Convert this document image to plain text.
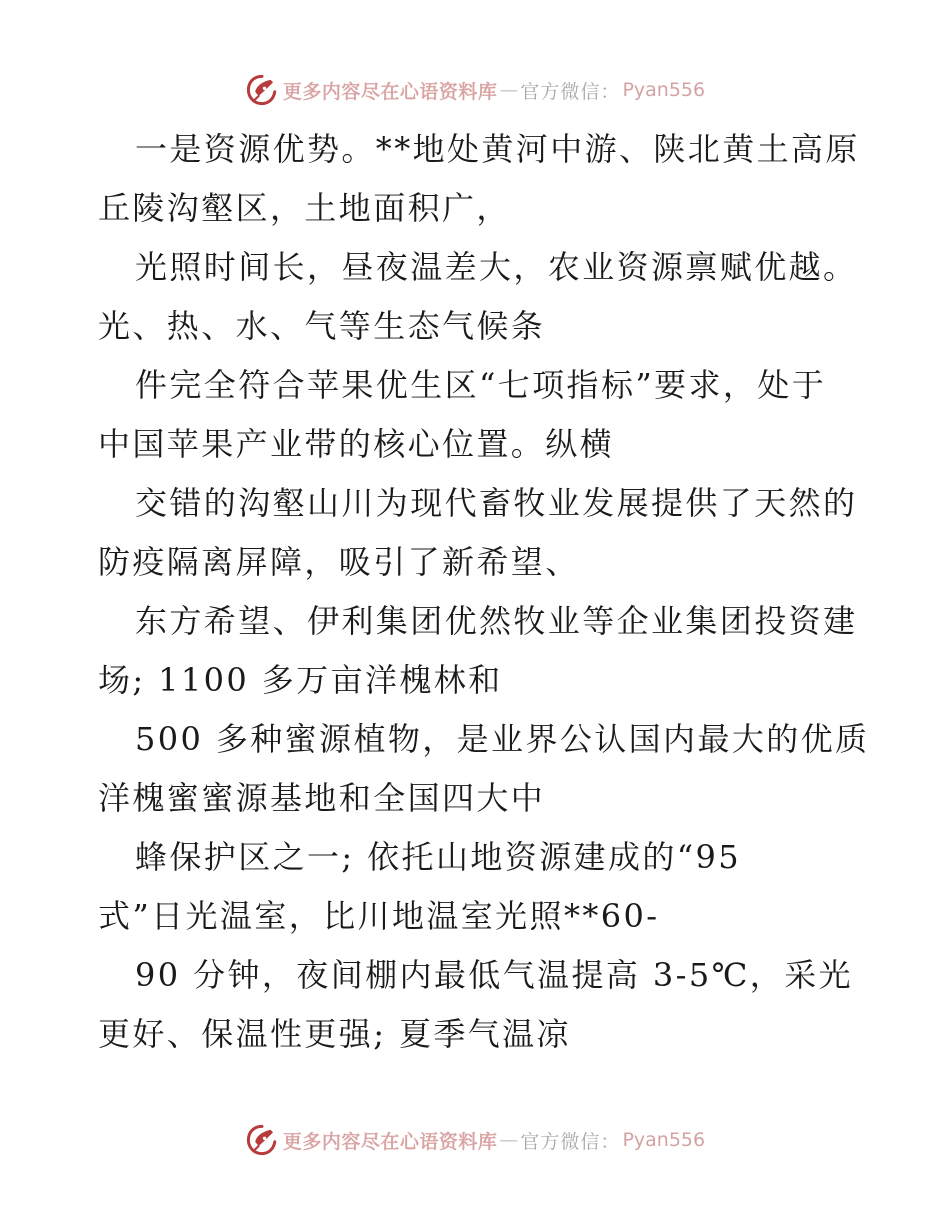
更多内容尽在心语资料库 — 官方微信： Pyan556
一是资源优势。**地处黄河中游、陕北黄土高原
丘陵沟壑区，土地面积广，
光照时间长，昼夜温差大，农业资源禀赋优越。
光、热、水、气等生态气候条
件完全符合苹果优生区“七项指标”要求，处于
中国苹果产业带的核心位置。纵横
交错的沟壑山川为现代畜牧业发展提供了天然的
防疫隔离屏障，吸引了新希望、
东方希望、伊利集团优然牧业等企业集团投资建
场; 1100 多万亩洋槐林和
500 多种蜜源植物，是业界公认国内最大的优质
洋槐蜜蜜源基地和全国四大中
蜂保护区之一; 依托山地资源建成的“95
式”日光温室，比川地温室光照**60-
90 分钟，夜间棚内最低气温提高 3-5℃，采光
更好、保温性更强; 夏季气温凉
更多内容尽在心语资料库 — 官方微信： Pyan556
